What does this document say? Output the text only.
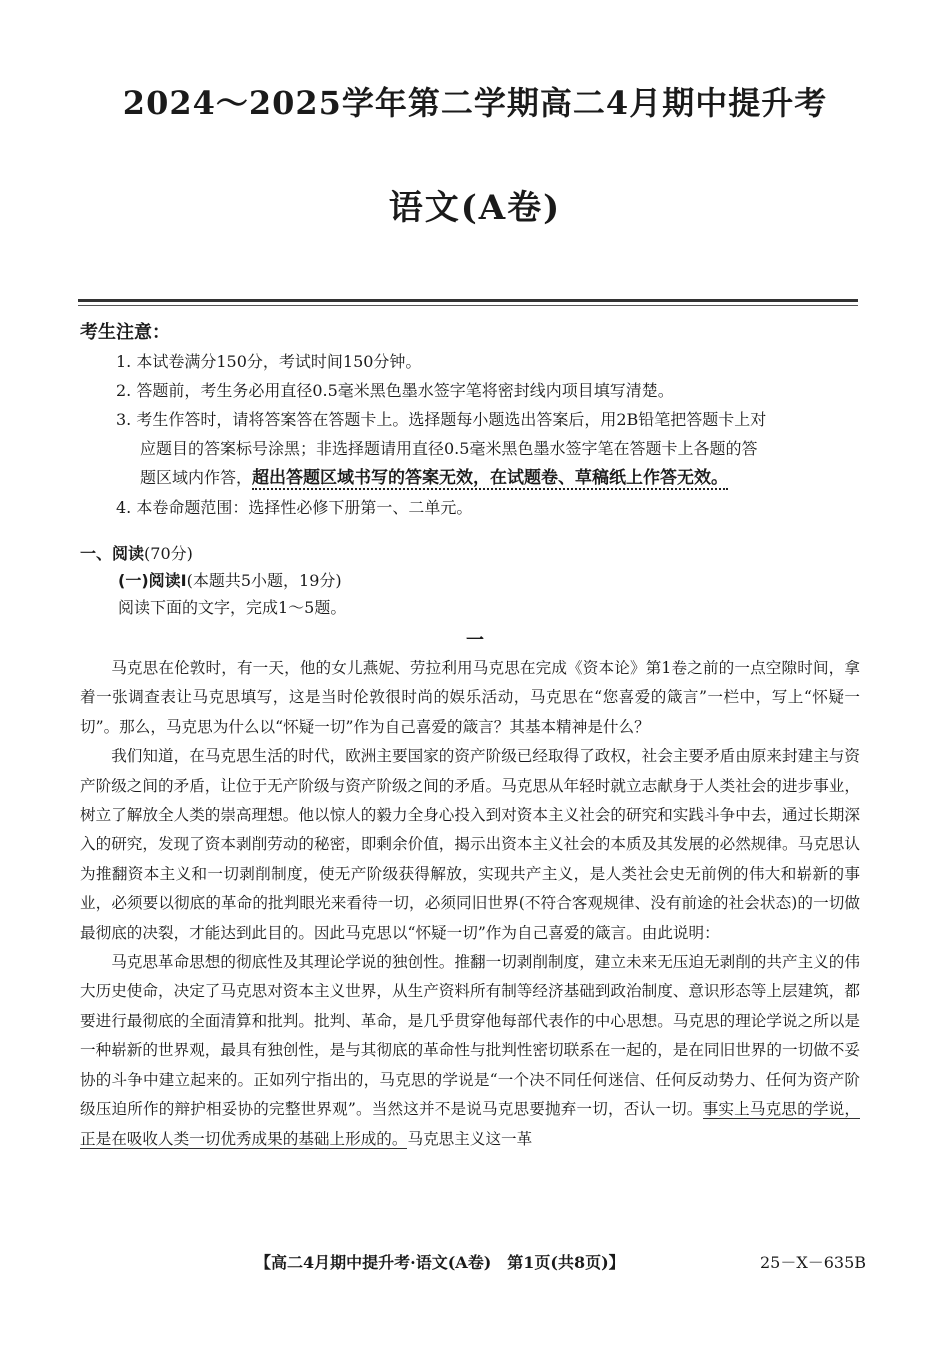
2024～2025学年第二学期高二4月期中提升考
语文(A卷)
考生注意：
1. 本试卷满分150分，考试时间150分钟。
2. 答题前，考生务必用直径0.5毫米黑色墨水签字笔将密封线内项目填写清楚。
3. 考生作答时，请将答案答在答题卡上。选择题每小题选出答案后，用2B铅笔把答题卡上对
应题目的答案标号涂黑；非选择题请用直径0.5毫米黑色墨水签字笔在答题卡上各题的答
题区域内作答，超出答题区域书写的答案无效，在试题卷、草稿纸上作答无效。
4. 本卷命题范围：选择性必修下册第一、二单元。
一、阅读(70分)
(一)阅读Ⅰ(本题共5小题，19分)
阅读下面的文字，完成1～5题。
一

马克思在伦敦时，有一天，他的女儿燕妮、劳拉利用马克思在完成《资本论》第1卷之前的一点空隙时间，拿着一张调查表让马克思填写，这是当时伦敦很时尚的娱乐活动，马克思在“您喜爱的箴言”一栏中，写上“怀疑一切”。那么，马克思为什么以“怀疑一切”作为自己喜爱的箴言？其基本精神是什么？

我们知道，在马克思生活的时代，欧洲主要国家的资产阶级已经取得了政权，社会主要矛盾由原来封建主与资产阶级之间的矛盾，让位于无产阶级与资产阶级之间的矛盾。马克思从年轻时就立志献身于人类社会的进步事业，树立了解放全人类的崇高理想。他以惊人的毅力全身心投入到对资本主义社会的研究和实践斗争中去，通过长期深入的研究，发现了资本剥削劳动的秘密，即剩余价值，揭示出资本主义社会的本质及其发展的必然规律。马克思认为推翻资本主义和一切剥削制度，使无产阶级获得解放，实现共产主义，是人类社会史无前例的伟大和崭新的事业，必须要以彻底的革命的批判眼光来看待一切，必须同旧世界(不符合客观规律、没有前途的社会状态)的一切做最彻底的决裂，才能达到此目的。因此马克思以“怀疑一切”作为自己喜爱的箴言。由此说明：

马克思革命思想的彻底性及其理论学说的独创性。推翻一切剥削制度，建立未来无压迫无剥削的共产主义的伟大历史使命，决定了马克思对资本主义世界，从生产资料所有制等经济基础到政治制度、意识形态等上层建筑，都要进行最彻底的全面清算和批判。批判、革命，是几乎贯穿他每部代表作的中心思想。马克思的理论学说之所以是一种崭新的世界观，最具有独创性，是与其彻底的革命性与批判性密切联系在一起的，是在同旧世界的一切做不妥协的斗争中建立起来的。正如列宁指出的，马克思的学说是“一个决不同任何迷信、任何反动势力、任何为资产阶级压迫所作的辩护相妥协的完整世界观”。当然这并不是说马克思要抛弃一切，否认一切。事实上马克思的学说，正是在吸收人类一切优秀成果的基础上形成的。马克思主义这一革

【高二4月期中提升考·语文(A卷)　第1页(共8页)】	25－X－635B
